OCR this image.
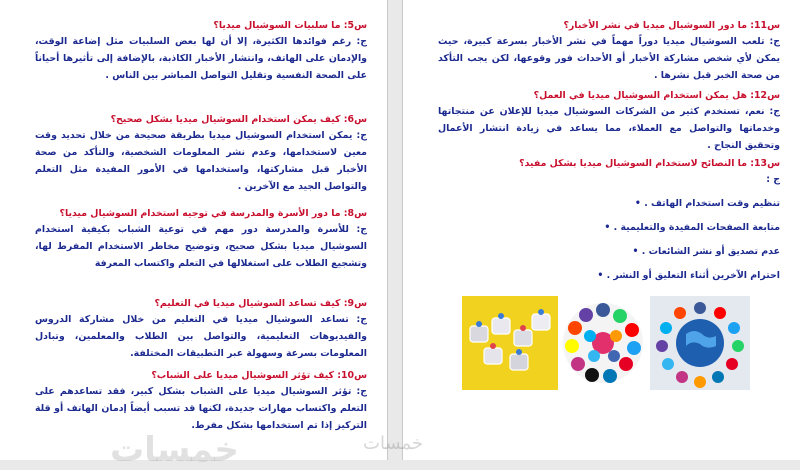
س5: ما سلبيات السوشيال ميديا؟

ج: رغم فوائدها الكثيرة، إلا أن لها بعض السلبيات مثل إضاعة الوقت، والإدمان على الهاتف، وانتشار الأخبار الكاذبة، بالإضافة إلى تأثيرها أحياناً على الصحة النفسية وتقليل التواصل المباشر بين الناس .

س6: كيف يمكن استخدام السوشيال ميديا بشكل صحيح؟

ج: يمكن استخدام السوشيال ميديا بطريقة صحيحة من خلال تحديد وقت معين لاستخدامها، وعدم نشر المعلومات الشخصية، والتأكد من صحة الأخبار قبل مشاركتها، واستخدامها في الأمور المفيدة مثل التعلم والتواصل الجيد مع الآخرين .

س8: ما دور الأسرة والمدرسة في توجيه استخدام السوشيال ميديا؟

ج: للأسرة والمدرسة دور مهم في توعية الشباب بكيفية استخدام السوشيال ميديا بشكل صحيح، وتوضيح مخاطر الاستخدام المفرط لها، وتشجيع الطلاب على استغلالها في التعلم واكتساب المعرفة

س9: كيف تساعد السوشيال ميديا في التعليم؟

ج: تساعد السوشيال ميديا في التعليم من خلال مشاركة الدروس والفيديوهات التعليمية، والتواصل بين الطلاب والمعلمين، وتبادل المعلومات بسرعة وسهولة عبر التطبيقات المختلفة.

س10: كيف تؤثر السوشيال ميديا على الشباب؟

ج: تؤثر السوشيال ميديا على الشباب بشكل كبير، فقد تساعدهم على التعلم واكتساب مهارات جديدة، لكنها قد تسبب أيضاً إدمان الهاتف أو قلة التركيز إذا تم استخدامها بشكل مفرط.

خمسات

س11: ما دور السوشيال ميديا في نشر الأخبار؟

ج: تلعب السوشيال ميديا دوراً مهماً في نشر الأخبار بسرعة كبيرة، حيث يمكن لأي شخص مشاركة الأخبار أو الأحداث فور وقوعها، لكن يجب التأكد من صحة الخبر قبل نشرها .

س12: هل يمكن استخدام السوشيال ميديا في العمل؟

ج: نعم، تستخدم كثير من الشركات السوشيال ميديا للإعلان عن منتجاتها وخدماتها والتواصل مع العملاء، مما يساعد في زيادة انتشار الأعمال وتحقيق النجاح .

س13: ما النصائح لاستخدام السوشيال ميديا بشكل مفيد؟

ج :

تنظيم وقت استخدام الهاتف . •
متابعة الصفحات المفيدة والتعليمية . •
عدم تصديق أو نشر الشائعات . •
احترام الآخرين أثناء التعليق أو النشر . •
خمسات
